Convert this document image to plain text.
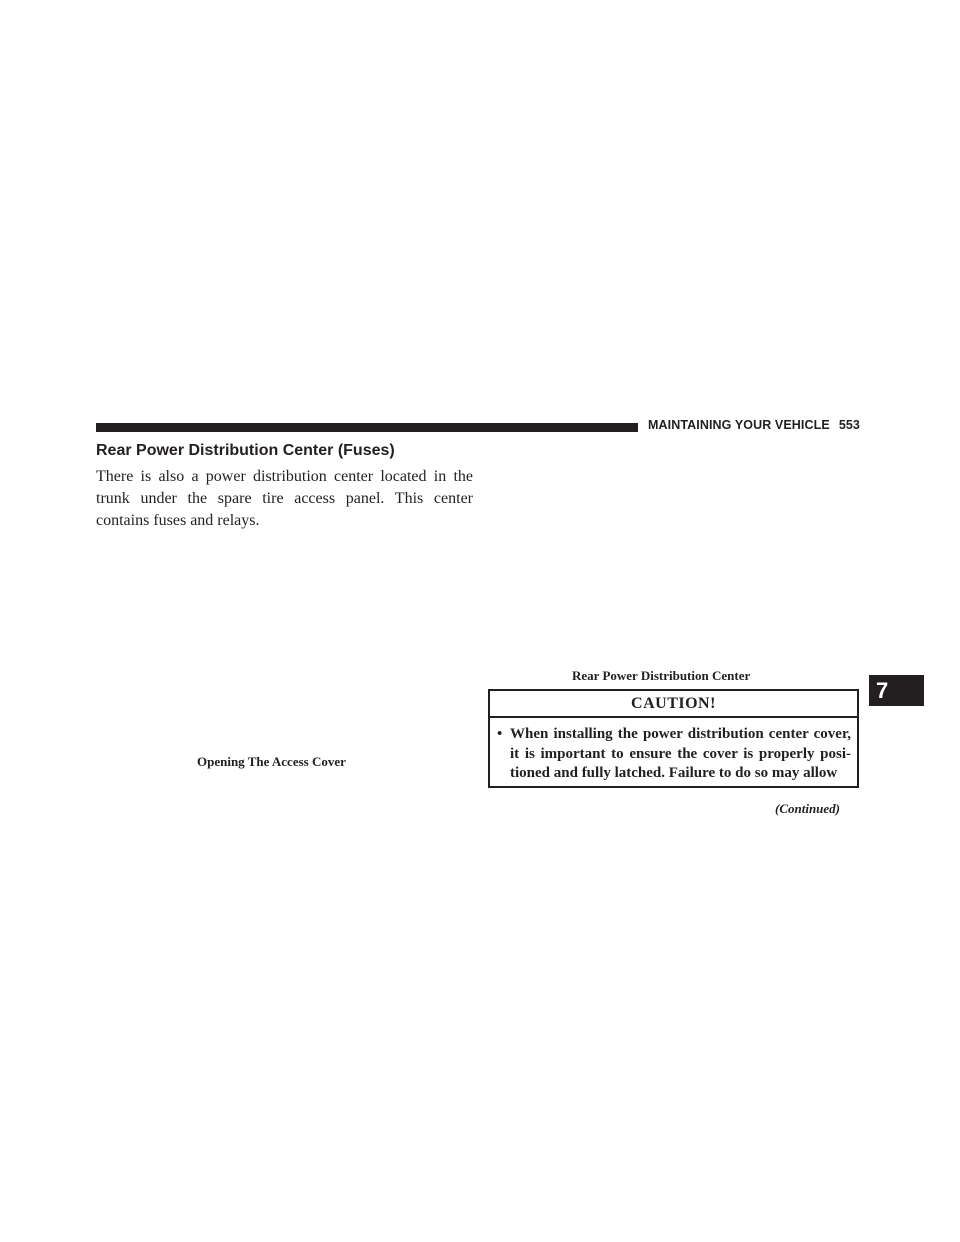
MAINTAINING YOUR VEHICLE 553
Rear Power Distribution Center (Fuses)

There is also a power distribution center located in the trunk under the spare tire access panel. This center contains fuses and relays.

Opening The Access Cover
Rear Power Distribution Center
CAUTION!

• When installing the power distribution center cover, it is important to ensure the cover is properly posi- tioned and fully latched. Failure to do so may allow

(Continued)
7
